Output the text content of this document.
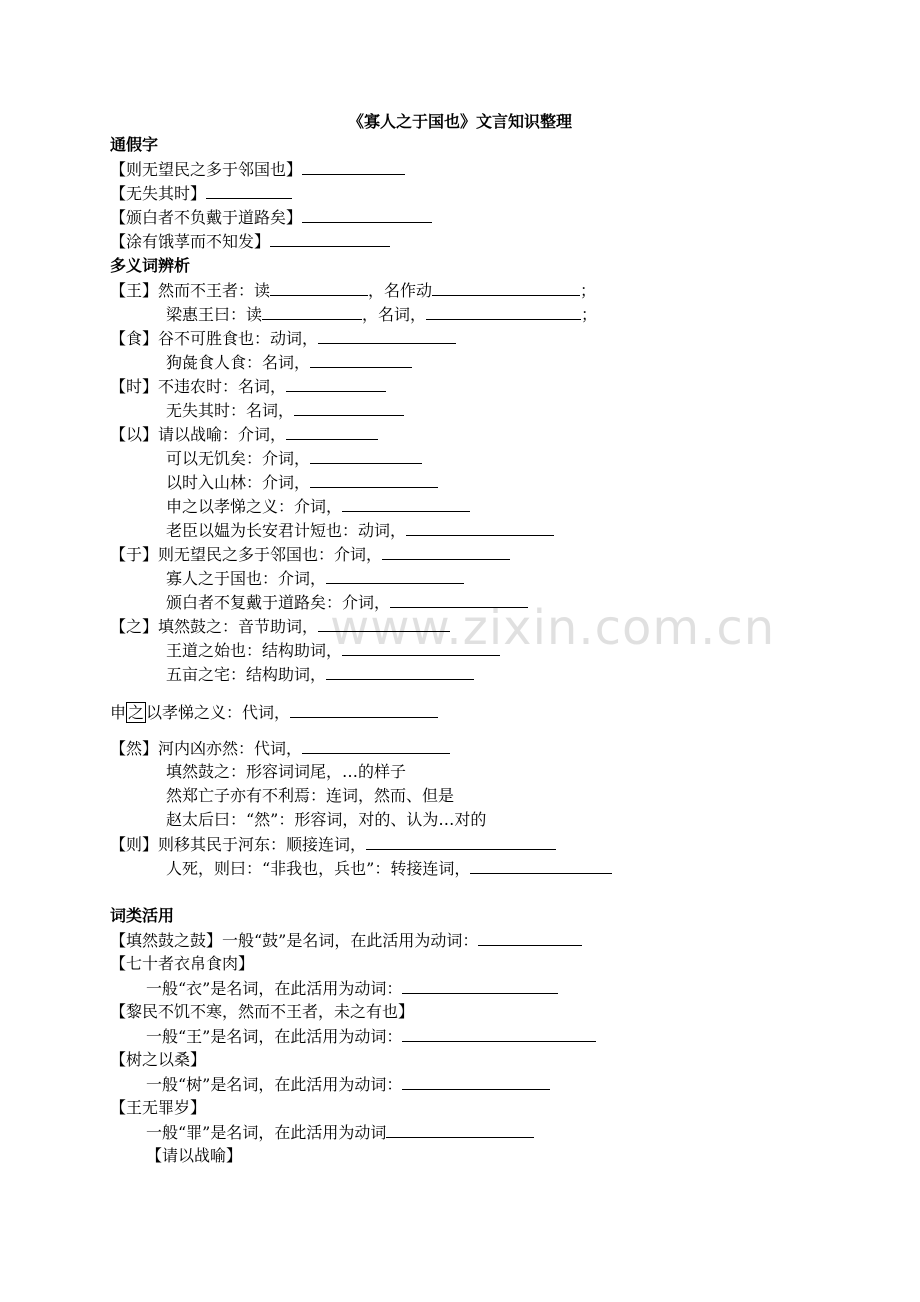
《寡人之于国也》文言知识整理
通假字
【则无望民之多于邻国也】
【无失其时】
【颁白者不负戴于道路矣】
【涂有饿莩而不知发】
多义词辨析
【王】然而不王者：读	，名作动	；
梁惠王曰：读	，名词，	；
【食】谷不可胜食也：动词，
狗彘食人食：名词，
【时】不违农时：名词，
无失其时：名词，
【以】请以战喻：介词，
可以无饥矣：介词，
以时入山林：介词，
申之以孝悌之义：介词，
老臣以媪为长安君计短也：动词，
【于】则无望民之多于邻国也：介词，
寡人之于国也：介词，
颁白者不复戴于道路矣：介词，
【之】填然鼓之：音节助词，
王道之始也：结构助词，
五亩之宅：结构助词，
申 之 以孝悌之义：代词，
【然】河内凶亦然：代词，
填然鼓之：形容词词尾，…的样子
然郑亡子亦有不利焉：连词，然而、但是
赵太后曰：“然”：形容词，对的、认为…对的
【则】则移其民于河东：顺接连词，
人死，则曰：“非我也，兵也”：转接连词，
词类活用
【填然鼓之鼓】一般“鼓”是名词，在此活用为动词：
【七十者衣帛食肉】
一般“衣”是名词，在此活用为动词：
【黎民不饥不寒，然而不王者，未之有也】
一般“王”是名词，在此活用为动词：
【树之以桑】
一般“树”是名词，在此活用为动词：
【王无罪岁】
一般“罪”是名词，在此活用为动词
【请以战喻】
www.zixin.com.cn
